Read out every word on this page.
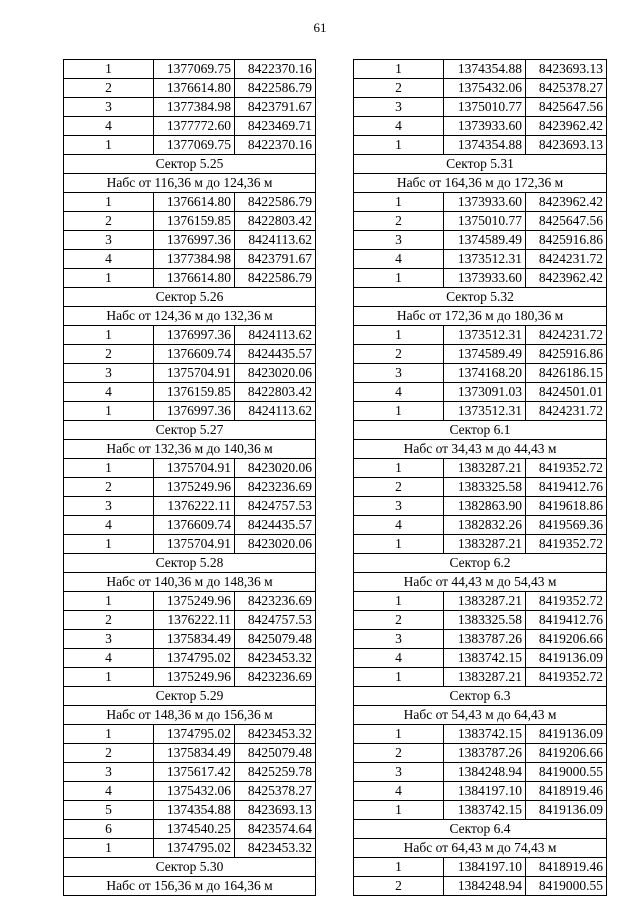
61
1	1377069.75	8422370.16
2	1376614.80	8422586.79
3	1377384.98	8423791.67
4	1377772.60	8423469.71
1	1377069.75	8422370.16
Сектор 5.25		
Набс от 116,36 м до 124,36 м		
1	1376614.80	8422586.79
2	1376159.85	8422803.42
3	1376997.36	8424113.62
4	1377384.98	8423791.67
1	1376614.80	8422586.79
Сектор 5.26		
Набс от 124,36 м до 132,36 м		
1	1376997.36	8424113.62
2	1376609.74	8424435.57
3	1375704.91	8423020.06
4	1376159.85	8422803.42
1	1376997.36	8424113.62
Сектор 5.27		
Набс от 132,36 м до 140,36 м		
1	1375704.91	8423020.06
2	1375249.96	8423236.69
3	1376222.11	8424757.53
4	1376609.74	8424435.57
1	1375704.91	8423020.06
Сектор 5.28		
Набс от 140,36 м до 148,36 м		
1	1375249.96	8423236.69
2	1376222.11	8424757.53
3	1375834.49	8425079.48
4	1374795.02	8423453.32
1	1375249.96	8423236.69
Сектор 5.29		
Набс от 148,36 м до 156,36 м		
1	1374795.02	8423453.32
2	1375834.49	8425079.48
3	1375617.42	8425259.78
4	1375432.06	8425378.27
5	1374354.88	8423693.13
6	1374540.25	8423574.64
1	1374795.02	8423453.32
Сектор 5.30		
Набс от 156,36 м до 164,36 м		
1	1374354.88	8423693.13
2	1375432.06	8425378.27
3	1375010.77	8425647.56
4	1373933.60	8423962.42
1	1374354.88	8423693.13
Сектор 5.31		
Набс от 164,36 м до 172,36 м		
1	1373933.60	8423962.42
2	1375010.77	8425647.56
3	1374589.49	8425916.86
4	1373512.31	8424231.72
1	1373933.60	8423962.42
Сектор 5.32		
Набс от 172,36 м до 180,36 м		
1	1373512.31	8424231.72
2	1374589.49	8425916.86
3	1374168.20	8426186.15
4	1373091.03	8424501.01
1	1373512.31	8424231.72
Сектор 6.1		
Набс от 34,43 м до 44,43 м		
1	1383287.21	8419352.72
2	1383325.58	8419412.76
3	1382863.90	8419618.86
4	1382832.26	8419569.36
1	1383287.21	8419352.72
Сектор 6.2		
Набс от 44,43 м до 54,43 м		
1	1383287.21	8419352.72
2	1383325.58	8419412.76
3	1383787.26	8419206.66
4	1383742.15	8419136.09
1	1383287.21	8419352.72
Сектор 6.3		
Набс от 54,43 м до 64,43 м		
1	1383742.15	8419136.09
2	1383787.26	8419206.66
3	1384248.94	8419000.55
4	1384197.10	8418919.46
1	1383742.15	8419136.09
Сектор 6.4		
Набс от 64,43 м до 74,43 м		
1	1384197.10	8418919.46
2	1384248.94	8419000.55
